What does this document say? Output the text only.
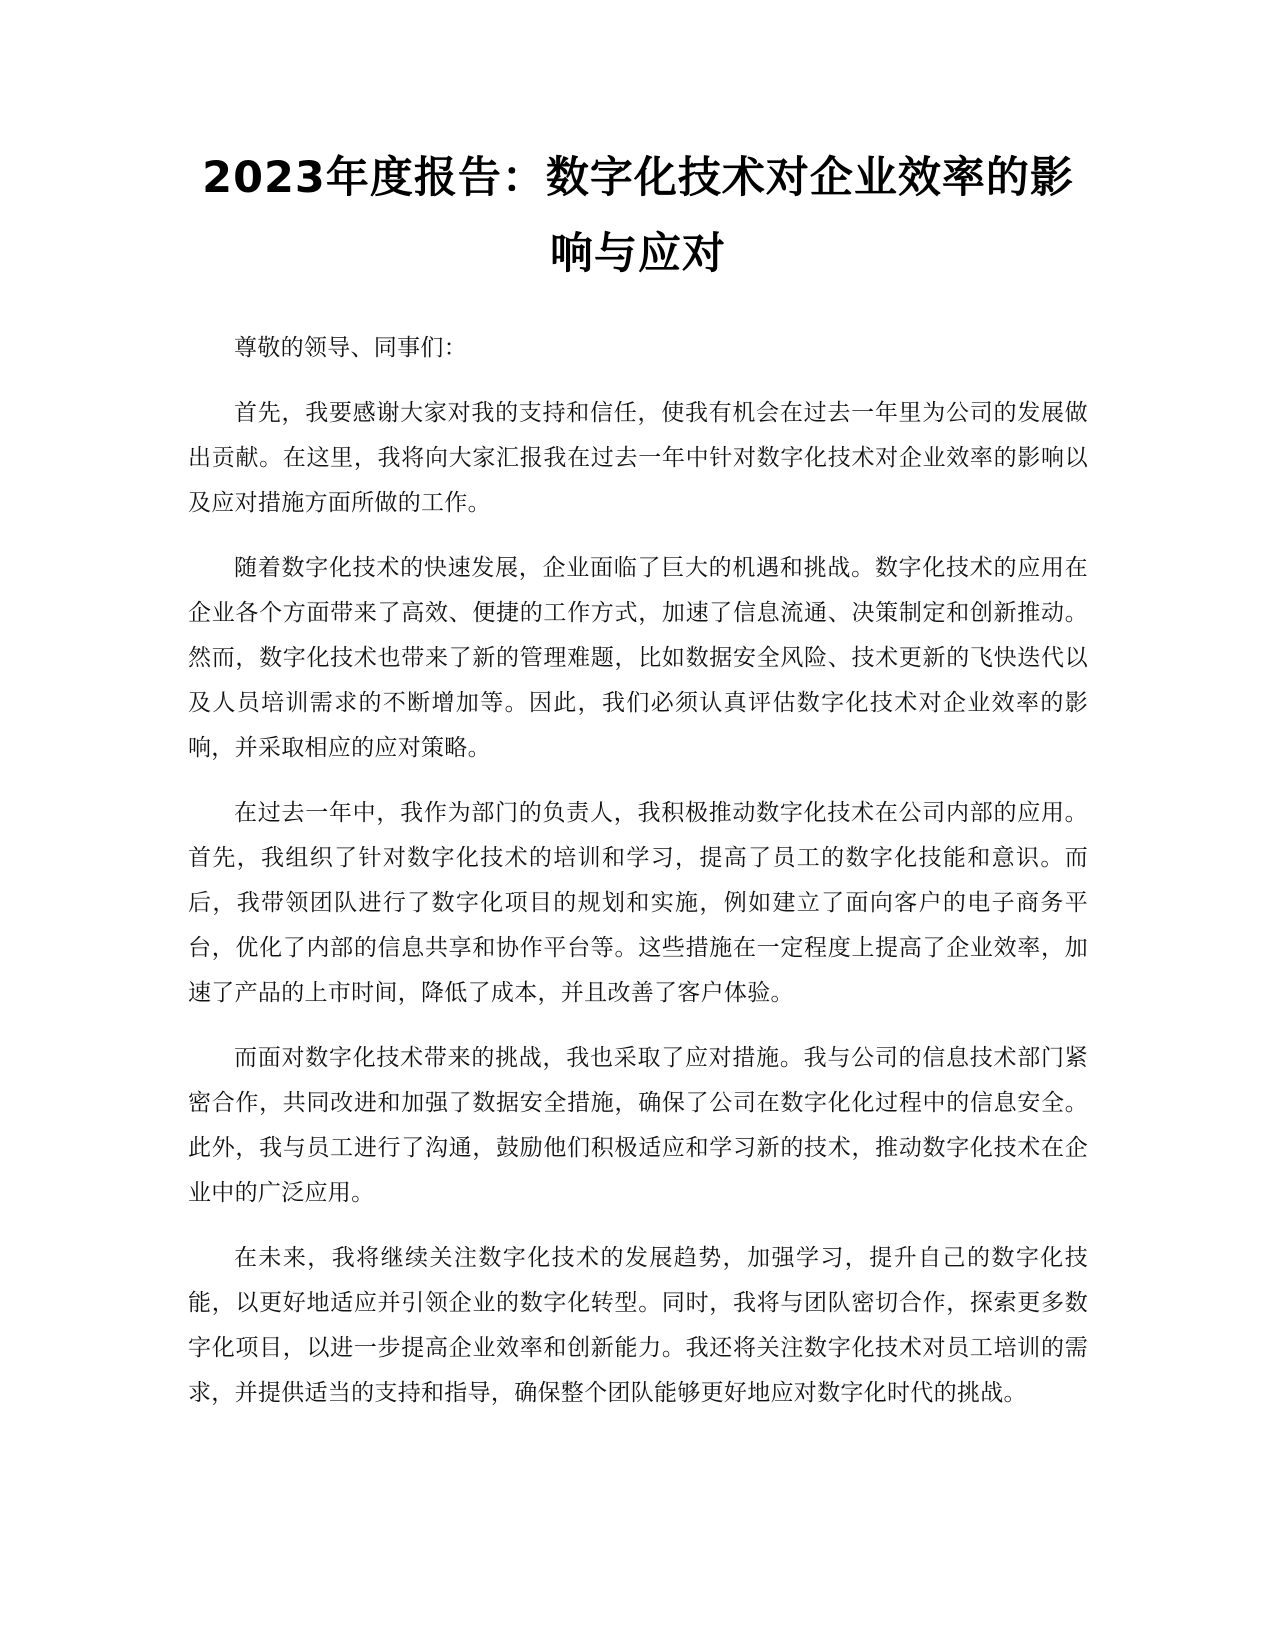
2023年度报告：数字化技术对企业效率的影响与应对

尊敬的领导、同事们：

首先，我要感谢大家对我的支持和信任，使我有机会在过去一年里为公司的发展做出贡献。在这里，我将向大家汇报我在过去一年中针对数字化技术对企业效率的影响以及应对措施方面所做的工作。

随着数字化技术的快速发展，企业面临了巨大的机遇和挑战。数字化技术的应用在企业各个方面带来了高效、便捷的工作方式，加速了信息流通、决策制定和创新推动。然而，数字化技术也带来了新的管理难题，比如数据安全风险、技术更新的飞快迭代以及人员培训需求的不断增加等。因此，我们必须认真评估数字化技术对企业效率的影响，并采取相应的应对策略。

在过去一年中，我作为部门的负责人，我积极推动数字化技术在公司内部的应用。首先，我组织了针对数字化技术的培训和学习，提高了员工的数字化技能和意识。而后，我带领团队进行了数字化项目的规划和实施，例如建立了面向客户的电子商务平台，优化了内部的信息共享和协作平台等。这些措施在一定程度上提高了企业效率，加速了产品的上市时间，降低了成本，并且改善了客户体验。

而面对数字化技术带来的挑战，我也采取了应对措施。我与公司的信息技术部门紧密合作，共同改进和加强了数据安全措施，确保了公司在数字化化过程中的信息安全。此外，我与员工进行了沟通，鼓励他们积极适应和学习新的技术，推动数字化技术在企业中的广泛应用。

在未来，我将继续关注数字化技术的发展趋势，加强学习，提升自己的数字化技能，以更好地适应并引领企业的数字化转型。同时，我将与团队密切合作，探索更多数字化项目，以进一步提高企业效率和创新能力。我还将关注数字化技术对员工培训的需求，并提供适当的支持和指导，确保整个团队能够更好地应对数字化时代的挑战。
